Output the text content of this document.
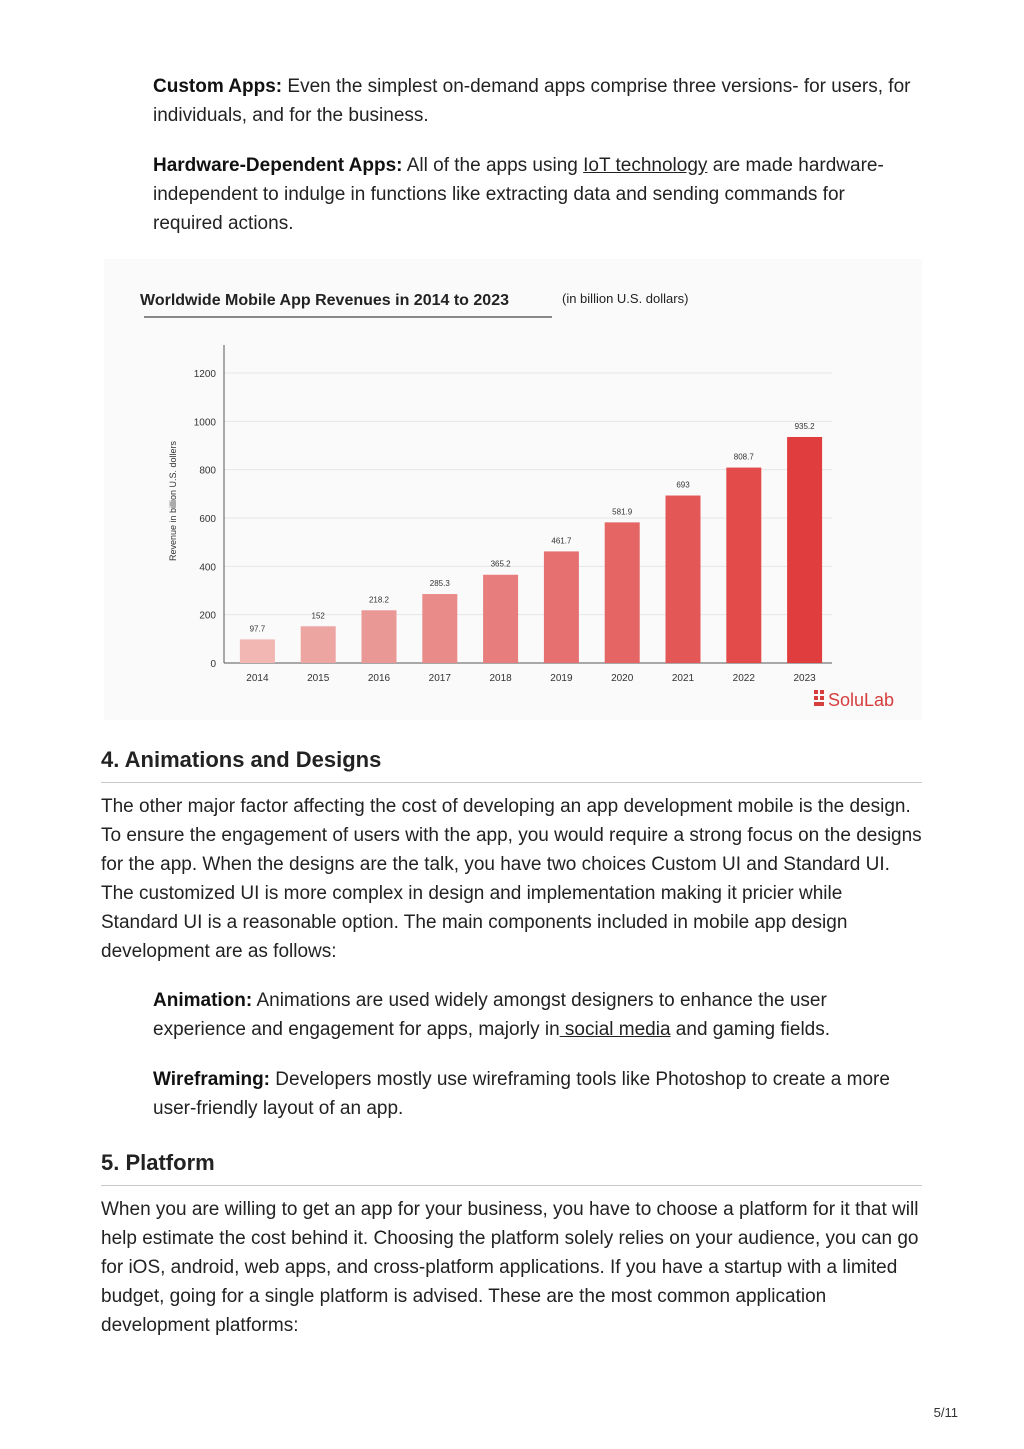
Custom Apps: Even the simplest on-demand apps comprise three versions- for users, for individuals, and for the business.

Hardware-Dependent Apps: All of the apps using IoT technology are made hardware-independent to indulge in functions like extracting data and sending commands for required actions.

Worldwide Mobile App Revenues in 2014 to 2023	(in billion U.S. dollars)
0
200
400
600
800
1000
1200
97.7
2014
152
2015
218.2
2016
285.3
2017
365.2
2018
461.7
2019
581.9
2020
693
2021
808.7
2022
935.2
2023
Revenue in billion U.S. dollers
SoluLab
4. Animations and Designs

The other major factor affecting the cost of developing an app development mobile is the design. To ensure the engagement of users with the app, you would require a strong focus on the designs for the app. When the designs are the talk, you have two choices Custom UI and Standard UI. The customized UI is more complex in design and implementation making it pricier while Standard UI is a reasonable option. The main components included in mobile app design development are as follows:

Animation: Animations are used widely amongst designers to enhance the user experience and engagement for apps, majorly in social media and gaming fields.

Wireframing: Developers mostly use wireframing tools like Photoshop to create a more user-friendly layout of an app.

5. Platform

When you are willing to get an app for your business, you have to choose a platform for it that will help estimate the cost behind it. Choosing the platform solely relies on your audience, you can go for iOS, android, web apps, and cross-platform applications. If you have a startup with a limited budget, going for a single platform is advised. These are the most common application development platforms:

5/11
